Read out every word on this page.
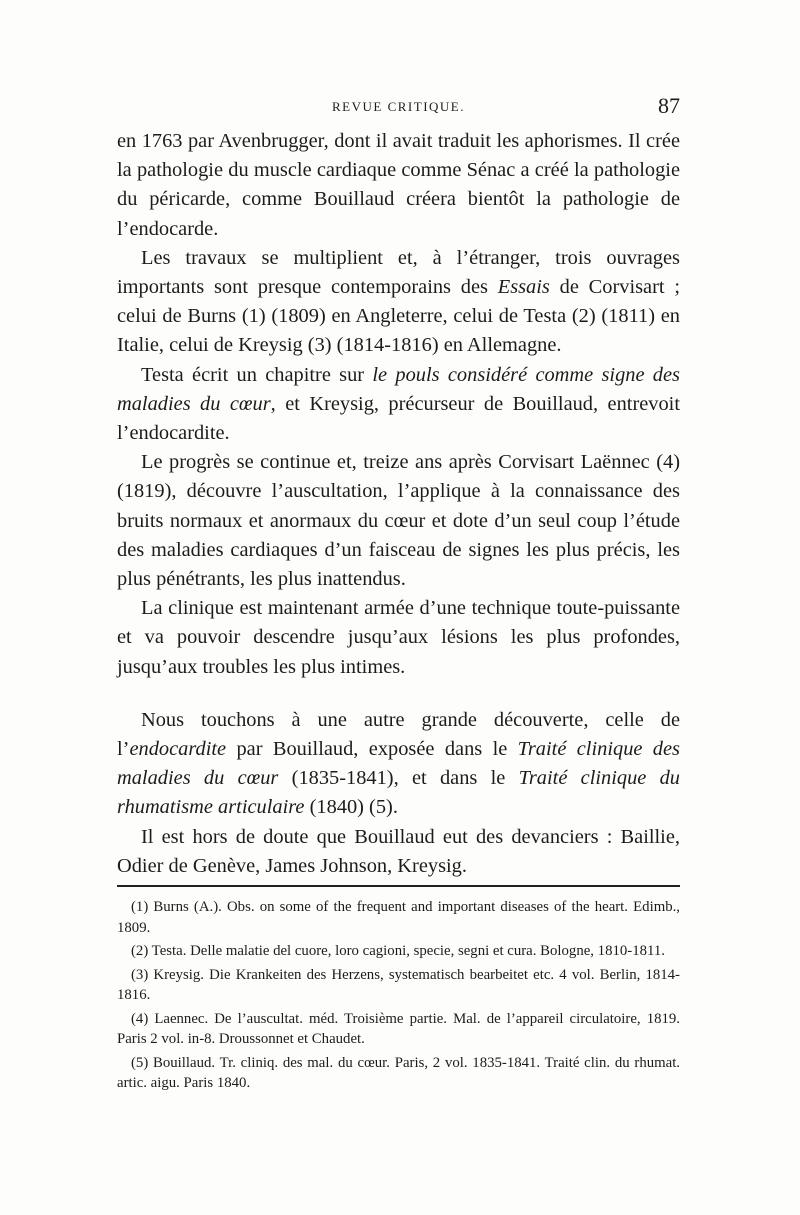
REVUE CRITIQUE.	87

en 1763 par Avenbrugger, dont il avait traduit les aphorismes. Il crée la pathologie du muscle cardiaque comme Sénac a créé la pathologie du péricarde, comme Bouillaud créera bientôt la pathologie de l’endocarde.

Les travaux se multiplient et, à l’étranger, trois ouvrages importants sont presque contemporains des Essais de Corvisart ; celui de Burns (1) (1809) en Angleterre, celui de Testa (2) (1811) en Italie, celui de Kreysig (3) (1814-1816) en Allemagne.

Testa écrit un chapitre sur le pouls considéré comme signe des maladies du cœur, et Kreysig, précurseur de Bouillaud, entrevoit l’endocardite.

Le progrès se continue et, treize ans après Corvisart Laënnec (4) (1819), découvre l’auscultation, l’applique à la connaissance des bruits normaux et anormaux du cœur et dote d’un seul coup l’étude des maladies cardiaques d’un faisceau de signes les plus précis, les plus pénétrants, les plus inattendus.

La clinique est maintenant armée d’une technique toute-puissante et va pouvoir descendre jusqu’aux lésions les plus profondes, jusqu’aux troubles les plus intimes.

Nous touchons à une autre grande découverte, celle de l’endocardite par Bouillaud, exposée dans le Traité clinique des maladies du cœur (1835-1841), et dans le Traité clinique du rhumatisme articulaire (1840) (5).

Il est hors de doute que Bouillaud eut des devanciers : Baillie, Odier de Genève, James Johnson, Kreysig.

(1) Burns (A.). Obs. on some of the frequent and important diseases of the heart. Edimb., 1809.

(2) Testa. Delle malatie del cuore, loro cagioni, specie, segni et cura. Bologne, 1810-1811.

(3) Kreysig. Die Krankeiten des Herzens, systematisch bearbeitet etc. 4 vol. Berlin, 1814-1816.

(4) Laennec. De l’auscultat. méd. Troisième partie. Mal. de l’appareil circulatoire, 1819. Paris 2 vol. in-8. Droussonnet et Chaudet.

(5) Bouillaud. Tr. cliniq. des mal. du cœur. Paris, 2 vol. 1835-1841. Traité clin. du rhumat. artic. aigu. Paris 1840.
